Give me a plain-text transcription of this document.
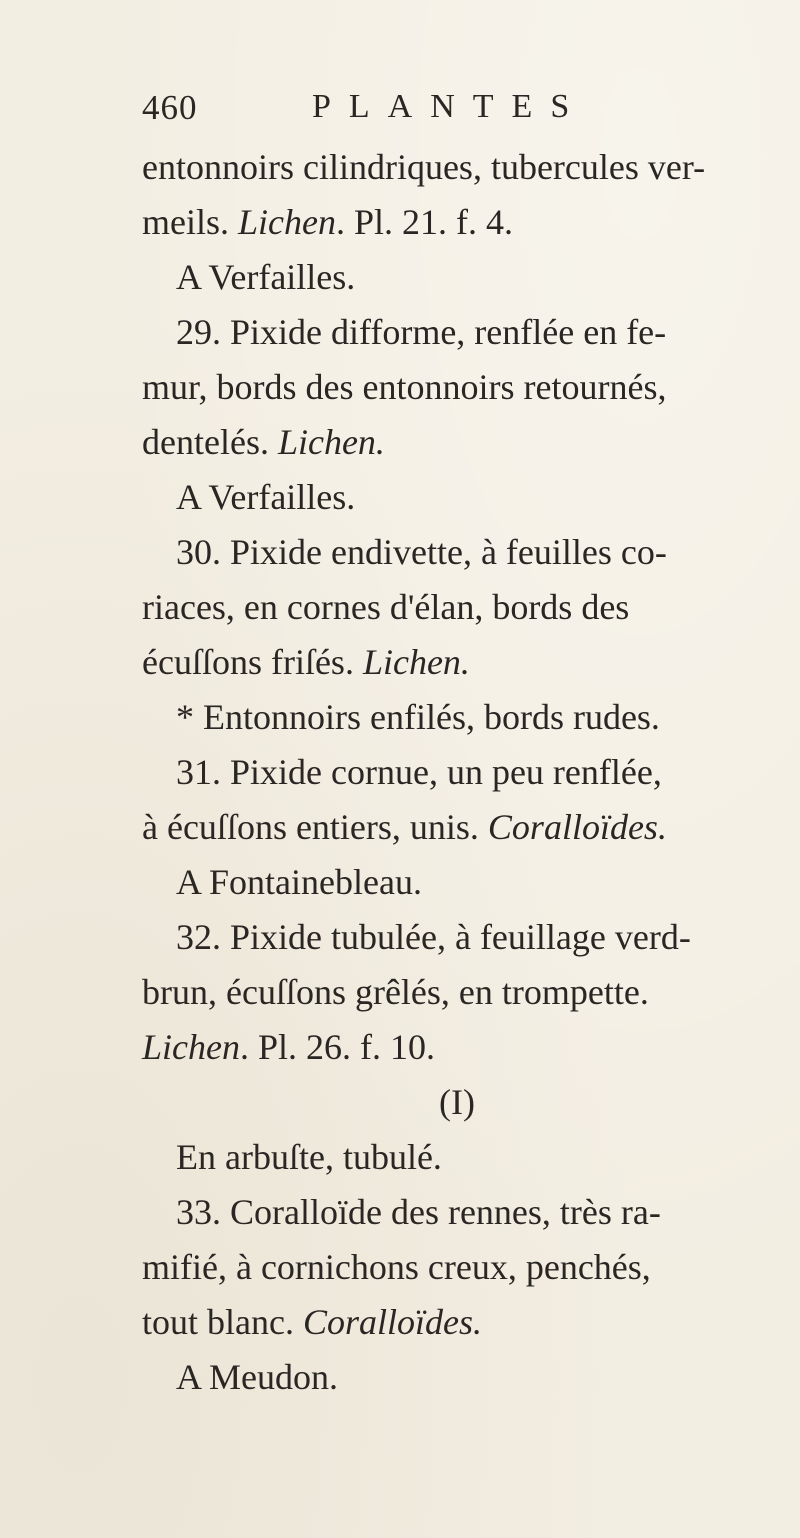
460	PLANTES
entonnoirs cilindriques, tubercules ver-
meils. Lichen. Pl. 21. f. 4.
A Verfailles.
29. Pixide difforme, renflée en fe-
mur, bords des entonnoirs retournés,
dentelés. Lichen.
A Verfailles.
30. Pixide endivette, à feuilles co-
riaces, en cornes d'élan, bords des
écuſſons friſés. Lichen.
* Entonnoirs enfilés, bords rudes.
31. Pixide cornue, un peu renflée,
à écuſſons entiers, unis. Coralloïdes.
A Fontainebleau.
32. Pixide tubulée, à feuillage verd-
brun, écuſſons grêlés, en trompette.
Lichen. Pl. 26. f. 10.
(I)
En arbuſte, tubulé.
33. Coralloïde des rennes, très ra-
mifié, à cornichons creux, penchés,
tout blanc. Coralloïdes.
A Meudon.
